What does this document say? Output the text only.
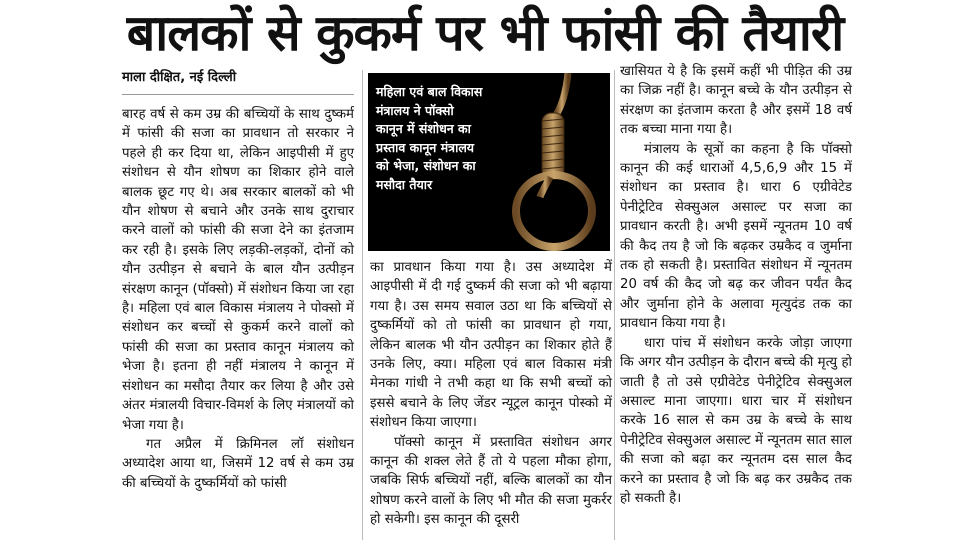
बालकों से कुकर्म पर भी फांसी की तैयारी
माला दीक्षित, नई दिल्ली

बारह वर्ष से कम उम्र की बच्चियों के साथ दुष्कर्म में फांसी की सजा का प्रावधान तो सरकार ने पहले ही कर दिया था, लेकिन आइपीसी में हुए संशोधन से यौन शोषण का शिकार होने वाले बालक छूट गए थे। अब सरकार बालकों को भी यौन शोषण से बचाने और उनके साथ दुराचार करने वालों को फांसी की सजा देने का इंतजाम कर रही है। इसके लिए लड़की-लड़कों, दोनों को यौन उत्पीड़न से बचाने के बाल यौन उत्पीड़न संरक्षण कानून (पॉक्सो) में संशोधन किया जा रहा है। महिला एवं बाल विकास मंत्रालय ने पोक्सो में संशोधन कर बच्चों से कुकर्म करने वालों को फांसी की सजा का प्रस्ताव कानून मंत्रालय को भेजा है। इतना ही नहीं मंत्रालय ने कानून में संशोधन का मसौदा तैयार कर लिया है और उसे अंतर मंत्रालयी विचार-विमर्श के लिए मंत्रालयों को भेजा गया है।

गत अप्रैल में क्रिमिनल लॉ संशोधन अध्यादेश आया था, जिसमें 12 वर्ष से कम उम्र की बच्चियों के दुष्कर्मियों को फांसी

महिला एवं बाल विकास मंत्रालय ने पॉक्सो कानून में संशोधन का प्रस्ताव कानून मंत्रालय को भेजा, संशोधन का मसौदा तैयार

का प्रावधान किया गया है। उस अध्यादेश में आइपीसी में दी गई दुष्कर्म की सजा को भी बढ़ाया गया है। उस समय सवाल उठा था कि बच्चियों से दुष्कर्मियों को तो फांसी का प्रावधान हो गया, लेकिन बालक भी यौन उत्पीड़न का शिकार होते हैं उनके लिए, क्या। महिला एवं बाल विकास मंत्री मेनका गांधी ने तभी कहा था कि सभी बच्चों को इससे बचाने के लिए जेंडर न्यूट्रल कानून पोस्को में संशोधन किया जाएगा।

पॉक्सो कानून में प्रस्तावित संशोधन अगर कानून की शक्ल लेते हैं तो ये पहला मौका होगा, जबकि सिर्फ बच्चियों नहीं, बल्कि बालकों का यौन शोषण करने वालों के लिए भी मौत की सजा मुकर्रर हो सकेगी। इस कानून की दूसरी

खासियत ये है कि इसमें कहीं भी पीड़ित की उम्र का जिक्र नहीं है। कानून बच्चे के यौन उत्पीड़न से संरक्षण का इंतजाम करता है और इसमें 18 वर्ष तक बच्चा माना गया है।

मंत्रालय के सूत्रों का कहना है कि पॉक्सो कानून की कई धाराओं 4,5,6,9 और 15 में संशोधन का प्रस्ताव है। धारा 6 एग्रीवेटेड पेनीट्रेटिव सेक्सुअल असाल्ट पर सजा का प्रावधान करती है। अभी इसमें न्यूनतम 10 वर्ष की कैद तय है जो कि बढ़कर उम्रकैद व जुर्माना तक हो सकती है। प्रस्तावित संशोधन में न्यूनतम 20 वर्ष की कैद जो बढ़ कर जीवन पर्यंत कैद और जुर्माना होने के अलावा मृत्युदंड तक का प्रावधान किया गया है।

धारा पांच में संशोधन करके जोड़ा जाएगा कि अगर यौन उत्पीड़न के दौरान बच्चे की मृत्यु हो जाती है तो उसे एग्रीवेटेड पेनीट्रेटिव सेक्सुअल असाल्ट माना जाएगा। धारा चार में संशोधन करके 16 साल से कम उम्र के बच्चे के साथ पेनीट्रेटिव सेक्सुअल असाल्ट में न्यूनतम सात साल की सजा को बढ़ा कर न्यूनतम दस साल कैद करने का प्रस्ताव है जो कि बढ़ कर उम्रकैद तक हो सकती है।
